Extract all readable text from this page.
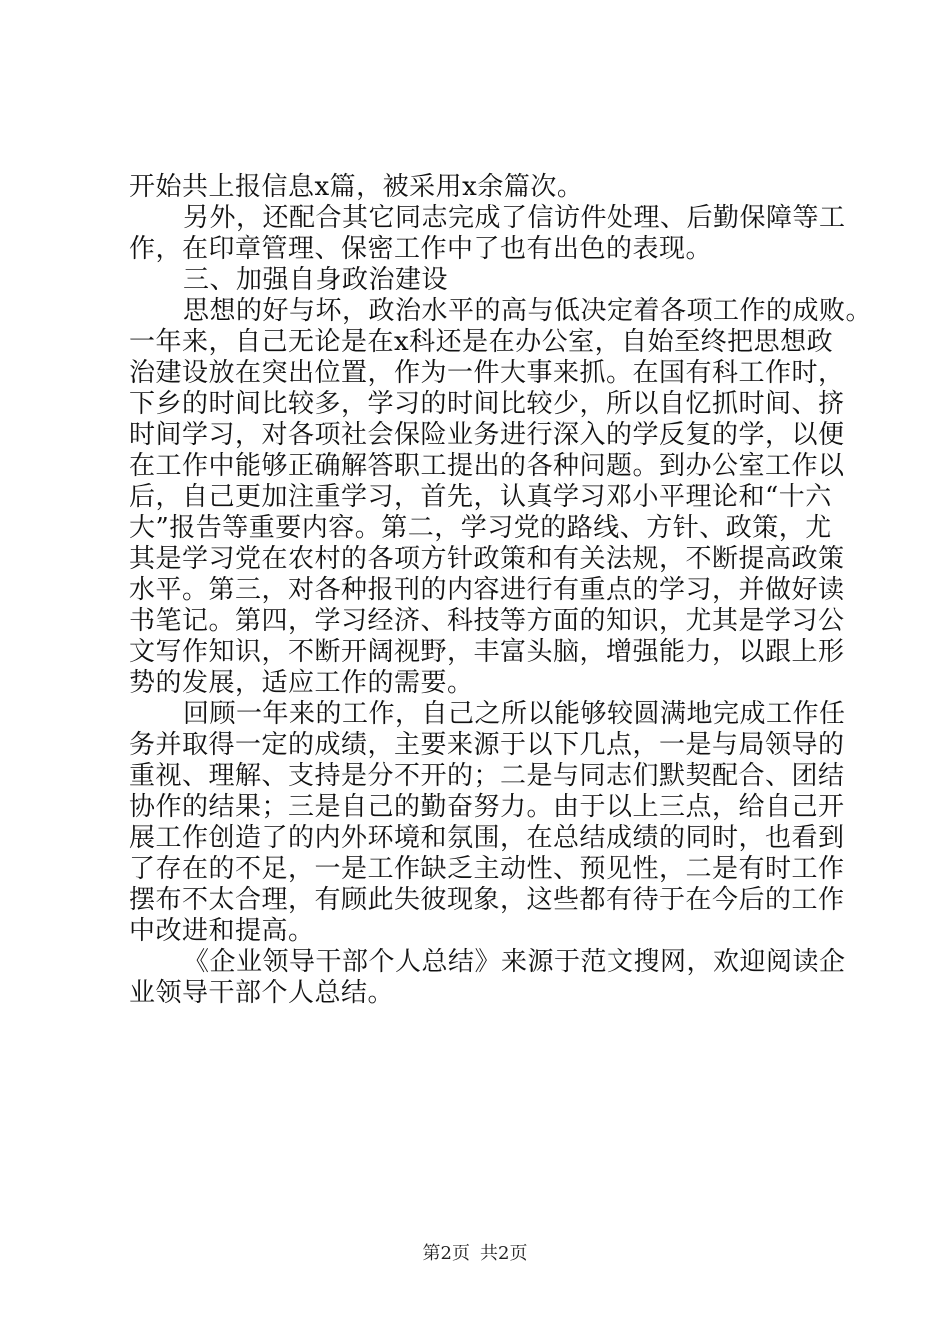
开始共上报信息x篇，被采用x余篇次。
另外，还配合其它同志完成了信访件处理、后勤保障等工
作，在印章管理、保密工作中了也有出色的表现。
三、加强自身政治建设
思想的好与坏，政治水平的高与低决定着各项工作的成败。
一年来，自己无论是在x科还是在办公室，自始至终把思想政
治建设放在突出位置，作为一件大事来抓。在国有科工作时，
下乡的时间比较多，学习的时间比较少，所以自忆抓时间、挤
时间学习，对各项社会保险业务进行深入的学反复的学，以便
在工作中能够正确解答职工提出的各种问题。到办公室工作以
后，自己更加注重学习，首先，认真学习邓小平理论和“十六
大”报告等重要内容。第二，学习党的路线、方针、政策，尤
其是学习党在农村的各项方针政策和有关法规，不断提高政策
水平。第三，对各种报刊的内容进行有重点的学习，并做好读
书笔记。第四，学习经济、科技等方面的知识，尤其是学习公
文写作知识，不断开阔视野，丰富头脑，增强能力，以跟上形
势的发展，适应工作的需要。
回顾一年来的工作，自己之所以能够较圆满地完成工作任
务并取得一定的成绩，主要来源于以下几点，一是与局领导的
重视、理解、支持是分不开的；二是与同志们默契配合、团结
协作的结果；三是自己的勤奋努力。由于以上三点，给自己开
展工作创造了的内外环境和氛围，在总结成绩的同时，也看到
了存在的不足，一是工作缺乏主动性、预见性，二是有时工作
摆布不太合理，有顾此失彼现象，这些都有待于在今后的工作
中改进和提高。
《企业领导干部个人总结》来源于范文搜网，欢迎阅读企
业领导干部个人总结。
第2页 共2页
